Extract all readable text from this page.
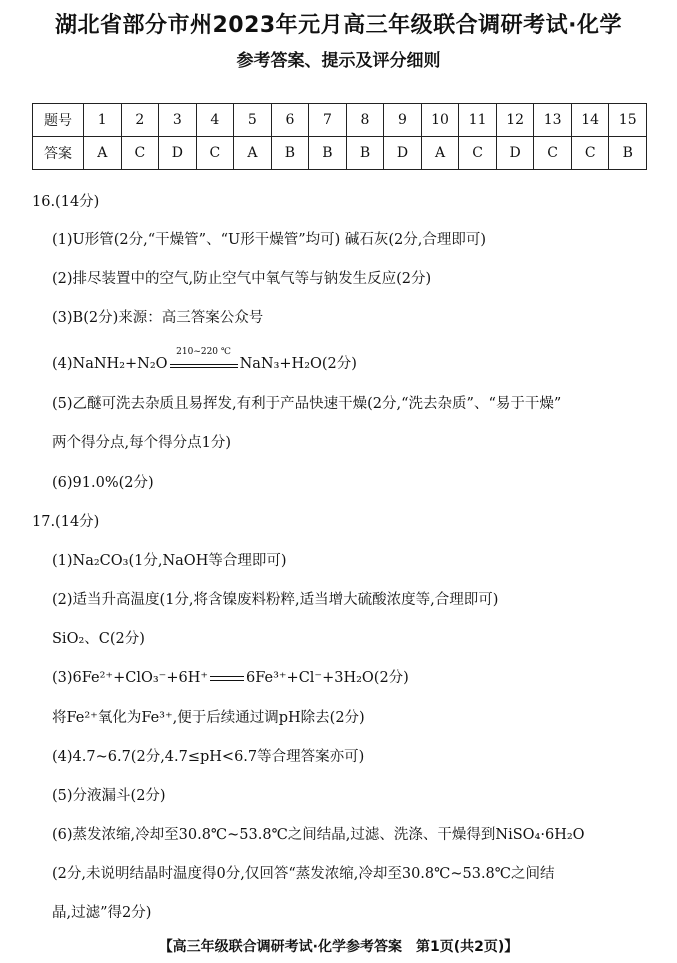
湖北省部分市州2023年元月高三年级联合调研考试·化学
参考答案、提示及评分细则
题号	1	2	3	4	5	6	7	8	9	10	11	12	13	14	15
答案	A	C	D	C	A	B	B	B	D	A	C	D	C	C	B
16.(14分)
(1)U形管(2分,“干燥管”、“U形干燥管”均可) 碱石灰(2分,合理即可)
(2)排尽装置中的空气,防止空气中氧气等与钠发生反应(2分)
(3)B(2分)来源：高三答案公众号
(4)NaNH₂+N₂O
210~220 ℃
NaN₃+H₂O(2分)
(5)乙醚可洗去杂质且易挥发,有利于产品快速干燥(2分,“洗去杂质”、“易于干燥”
两个得分点,每个得分点1分)
(6)91.0%(2分)
17.(14分)
(1)Na₂CO₃(1分,NaOH等合理即可)
(2)适当升高温度(1分,将含镍废料粉粹,适当增大硫酸浓度等,合理即可)
SiO₂、C(2分)
(3)6Fe²⁺+ClO₃⁻+6H⁺	6Fe³⁺+Cl⁻+3H₂O(2分)
将Fe²⁺氧化为Fe³⁺,便于后续通过调pH除去(2分)
(4)4.7~6.7(2分,4.7≤pH<6.7等合理答案亦可)
(5)分液漏斗(2分)
(6)蒸发浓缩,冷却至30.8℃~53.8℃之间结晶,过滤、洗涤、干燥得到NiSO₄·6H₂O
(2分,未说明结晶时温度得0分,仅回答“蒸发浓缩,冷却至30.8℃~53.8℃之间结
晶,过滤”得2分)
【高三年级联合调研考试·化学参考答案　第1页(共2页)】
